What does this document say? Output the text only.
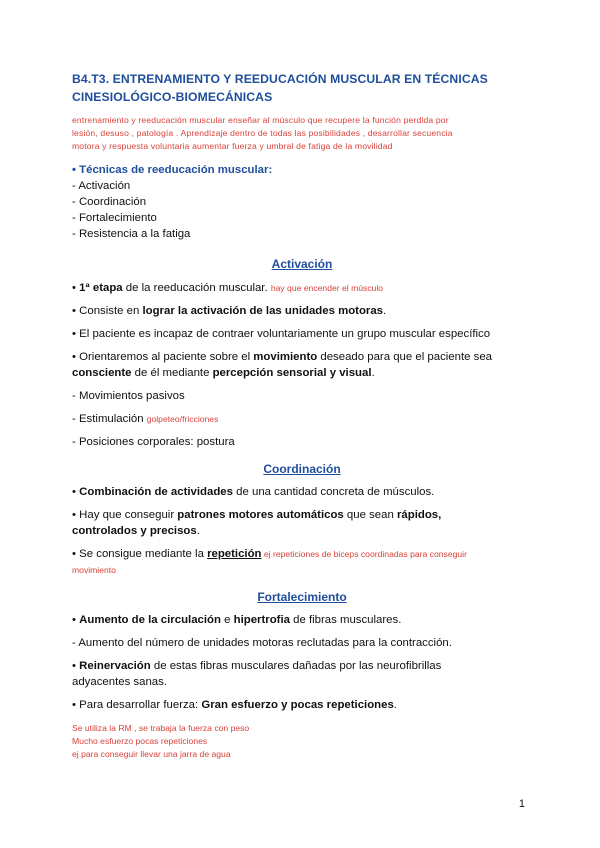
B4.T3. ENTRENAMIENTO Y REEDUCACIÓN MUSCULAR EN TÉCNICAS
CINESIOLÓGICO-BIOMECÁNICAS
entrenamiento y reeducación muscular enseñar al músculo que recupere la función perdida por
lesión, desuso , patología . Aprendizaje dentro de todas las posibilidades , desarrollar secuencia
motora y respuesta voluntaria aumentar fuerza y umbral de fatiga de la movilidad
• Técnicas de reeducación muscular:
- Activación
- Coordinación
- Fortalecimiento
- Resistencia a la fatiga
Activación
• 1ª etapa de la reeducación muscular. hay que encender el músculo
• Consiste en lograr la activación de las unidades motoras.
• El paciente es incapaz de contraer voluntariamente un grupo muscular específico
• Orientaremos al paciente sobre el movimiento deseado para que el paciente sea
consciente de él mediante percepción sensorial y visual.
- Movimientos pasivos
- Estimulación golpeteo/fricciones
- Posiciones corporales: postura
Coordinación
• Combinación de actividades de una cantidad concreta de músculos.
• Hay que conseguir patrones motores automáticos que sean rápidos,
controlados y precisos.
• Se consigue mediante la repetición ej repeticiones de biceps coordinadas para conseguir
movimiento
Fortalecimiento
• Aumento de la circulación e hipertrofia de fibras musculares.
- Aumento del número de unidades motoras reclutadas para la contracción.
• Reinervación de estas fibras musculares dañadas por las neurofibrillas
adyacentes sanas.
• Para desarrollar fuerza: Gran esfuerzo y pocas repeticiones.
Se utiliza la RM , se trabaja la fuerza con peso
Mucho esfuerzo pocas repeticiones
ej para conseguir llevar una jarra de agua
1
